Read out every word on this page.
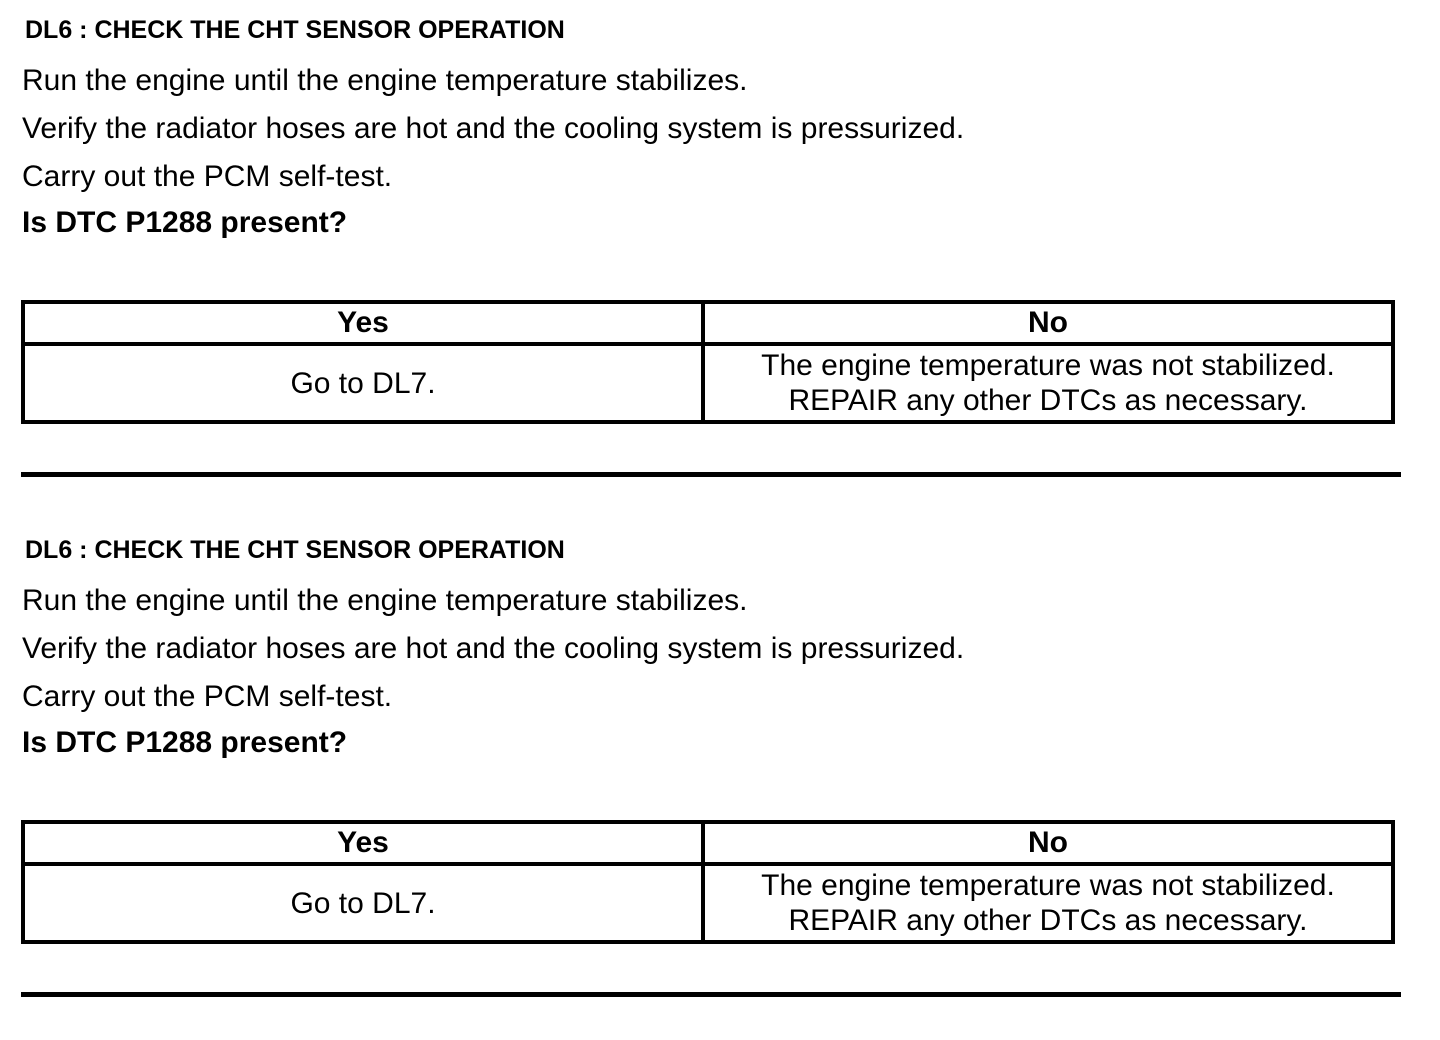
DL6 : CHECK THE CHT SENSOR OPERATION
Run the engine until the engine temperature stabilizes.
Verify the radiator hoses are hot and the cooling system is pressurized.
Carry out the PCM self-test.
Is DTC P1288 present?
Yes	No
Go to DL7.	The engine temperature was not stabilized.
REPAIR any other DTCs as necessary.
DL6 : CHECK THE CHT SENSOR OPERATION
Run the engine until the engine temperature stabilizes.
Verify the radiator hoses are hot and the cooling system is pressurized.
Carry out the PCM self-test.
Is DTC P1288 present?
Yes	No
Go to DL7.	The engine temperature was not stabilized.
REPAIR any other DTCs as necessary.
